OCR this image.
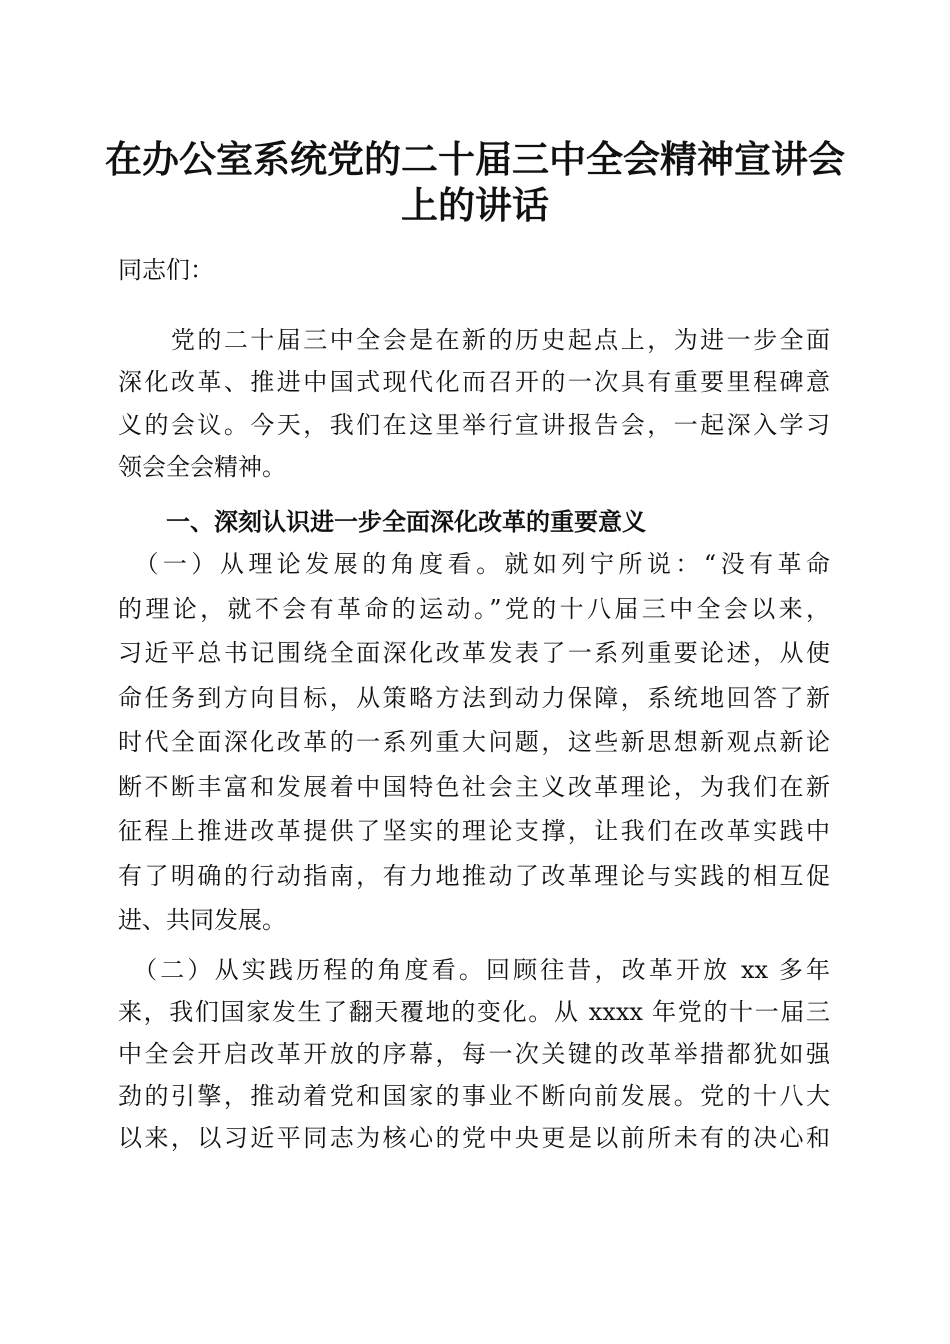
在办公室系统党的二十届三中全会精神宣讲会
上的讲话
同志们：
　　党的二十届三中全会是在新的历史起点上，为进一步全面
深化改革、推进中国式现代化而召开的一次具有重要里程碑意
义的会议。今天，我们在这里举行宣讲报告会，一起深入学习
领会全会精神。
　　一、深刻认识进一步全面深化改革的重要意义
　（一）从理论发展的角度看。就如列宁所说：“没有革命
的理论，就不会有革命的运动。”党的十八届三中全会以来，
习近平总书记围绕全面深化改革发表了一系列重要论述，从使
命任务到方向目标，从策略方法到动力保障，系统地回答了新
时代全面深化改革的一系列重大问题，这些新思想新观点新论
断不断丰富和发展着中国特色社会主义改革理论，为我们在新
征程上推进改革提供了坚实的理论支撑，让我们在改革实践中
有了明确的行动指南，有力地推动了改革理论与实践的相互促
进、共同发展。
　（二）从实践历程的角度看。回顾往昔，改革开放 xx 多年
来，我们国家发生了翻天覆地的变化。从 xxxx 年党的十一届三
中全会开启改革开放的序幕，每一次关键的改革举措都犹如强
劲的引擎，推动着党和国家的事业不断向前发展。党的十八大
以来，以习近平同志为核心的党中央更是以前所未有的决心和
